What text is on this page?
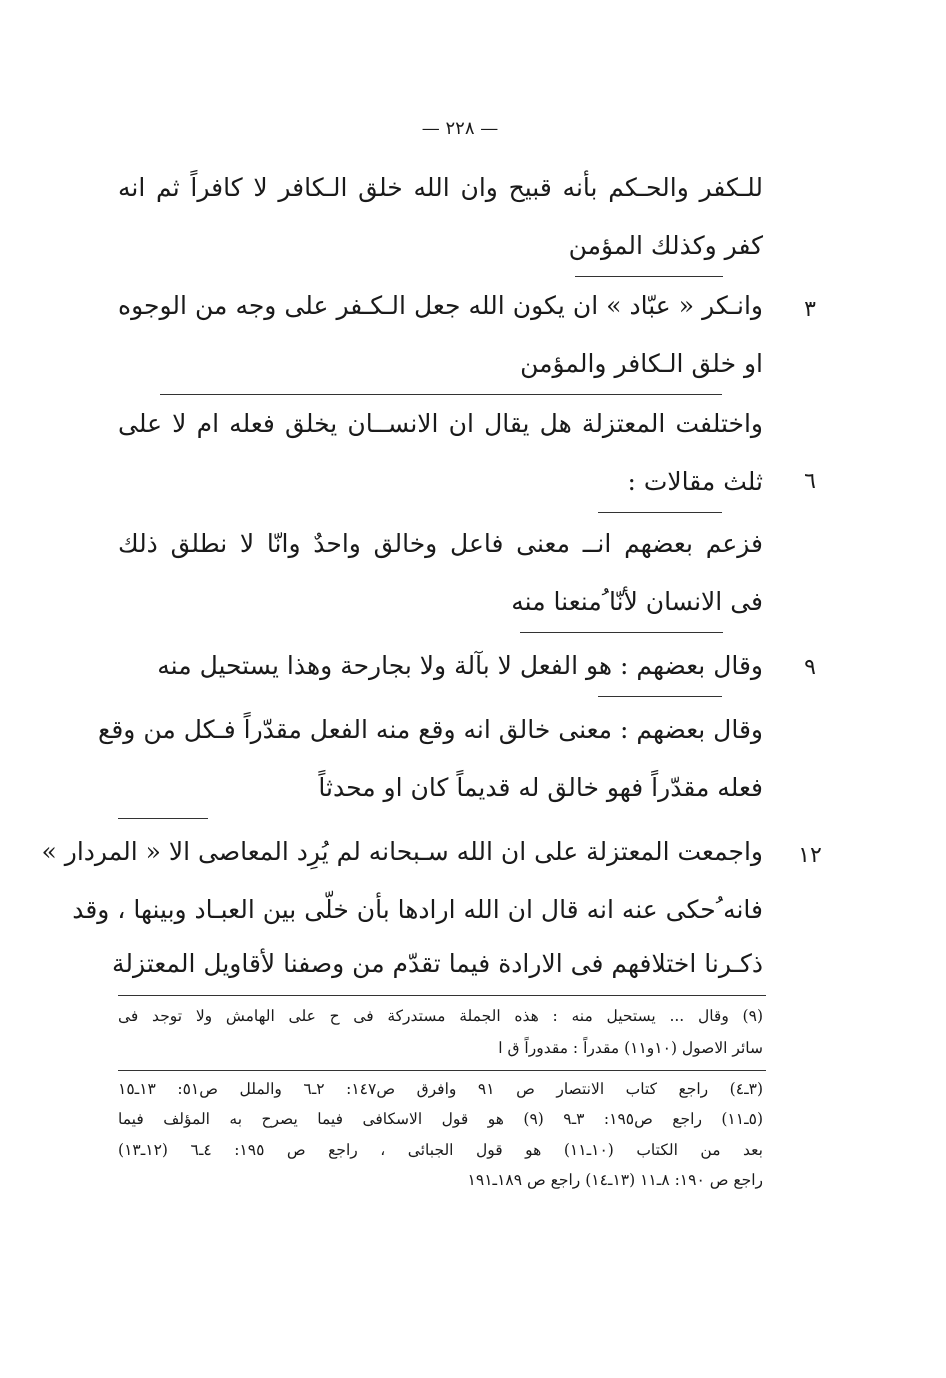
— ٢٢٨ —
للـكفر والحـكم بأنه قبيح وان الله خلق الـكافر لا كافراً ثم انه
كفر وكذلك المؤمن
وانـكر « عبّاد » ان يكون الله جعل الـكـفر على وجه من الوجوه	٣
او خلق الـكافر والمؤمن
واختلفت المعتزلة هل يقال ان الانســان يخلق فعله ام لا على
ثلث مقالات :	٦
فزعم بعضهم انــ معنى فاعل وخالق واحدٌ وانّا لا نطلق ذلك
فى الانسان لأنّا ُمنعنا منه
وقال بعضهم : هو الفعل لا بآلة ولا بجارحة وهذا يستحيل منه	٩
وقال بعضهم : معنى خالق انه وقع منه الفعل مقدّراً فـكل من وقع
فعله مقدّراً فهو خالق له قديماً كان او محدثاً
واجمعت المعتزلة على ان الله سـبحانه لم يُرِد المعاصى الا « المردار »	١٢
فانه ُحكى عنه انه قال ان الله ارادها بأن خلّى بين العبـاد وبينها ، وقد
ذكـرنا اختلافهم فى الارادة فيما تقدّم من وصفنا لأقاويل المعتزلة
(٩) وقال ... يستحيل منه : هذه الجملة مستدركة فى ح على الهامش ولا توجد فى
سائر الاصول (١٠و١١) مقدراً : مقدوراً ق ا
(٣ـ٤) راجع كتاب الانتصار ص ٩١ وافرق ص١٤٧: ٢ـ٦ والملل ص٥١: ١٣ـ١٥
(٥ـ١١) راجع ص١٩٥: ٣ـ٩ (٩) هو قول الاسكافى فيما يصرح به المؤلف فيما
بعد من الكتاب (١٠ـ١١) هو قول الجبائى ، راجع ص ١٩٥: ٤ـ٦ (١٢ـ١٣)
راجع ص ١٩٠: ٨ـ١١ (١٣ـ١٤) راجع ص ١٨٩ـ١٩١
